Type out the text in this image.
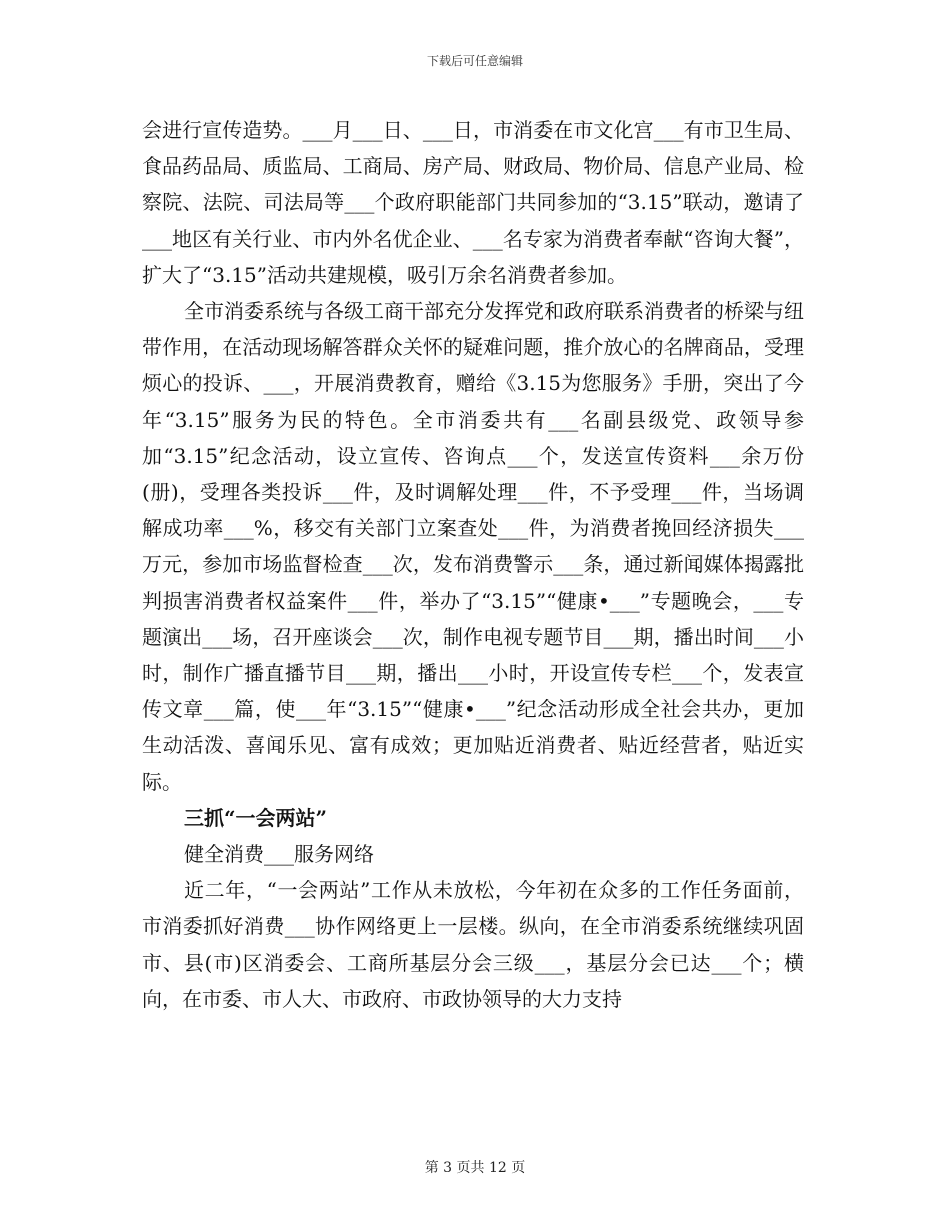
下载后可任意编辑

会进行宣传造势。___月___日、___日，市消委在市文化宫___有市卫生局、食品药品局、质监局、工商局、房产局、财政局、物价局、信息产业局、检察院、法院、司法局等___个政府职能部门共同参加的“3.15”联动，邀请了___地区有关行业、市内外名优企业、___名专家为消费者奉献“咨询大餐”，扩大了“3.15”活动共建规模，吸引万余名消费者参加。

全市消委系统与各级工商干部充分发挥党和政府联系消费者的桥梁与纽带作用，在活动现场解答群众关怀的疑难问题，推介放心的名牌商品，受理烦心的投诉、___，开展消费教育，赠给《3.15为您服务》手册，突出了今年“3.15”服务为民的特色。全市消委共有___名副县级党、政领导参加“3.15”纪念活动，设立宣传、咨询点___个，发送宣传资料___余万份(册)，受理各类投诉___件，及时调解处理___件，不予受理___件，当场调解成功率___%，移交有关部门立案查处___件，为消费者挽回经济损失___万元，参加市场监督检查___次，发布消费警示___条，通过新闻媒体揭露批判损害消费者权益案件___件，举办了“3.15”“健康•___”专题晚会，___专题演出___场，召开座谈会___次，制作电视专题节目___期，播出时间___小时，制作广播直播节目___期，播出___小时，开设宣传专栏___个，发表宣传文章___篇，使___年“3.15”“健康•___”纪念活动形成全社会共办，更加生动活泼、喜闻乐见、富有成效；更加贴近消费者、贴近经营者，贴近实际。

三抓“一会两站”

健全消费___服务网络

近二年，“一会两站”工作从未放松，今年初在众多的工作任务面前，市消委抓好消费___协作网络更上一层楼。纵向，在全市消委系统继续巩固市、县(市)区消委会、工商所基层分会三级___，基层分会已达___个；横向，在市委、市人大、市政府、市政协领导的大力支持

第 3 页共 12 页
